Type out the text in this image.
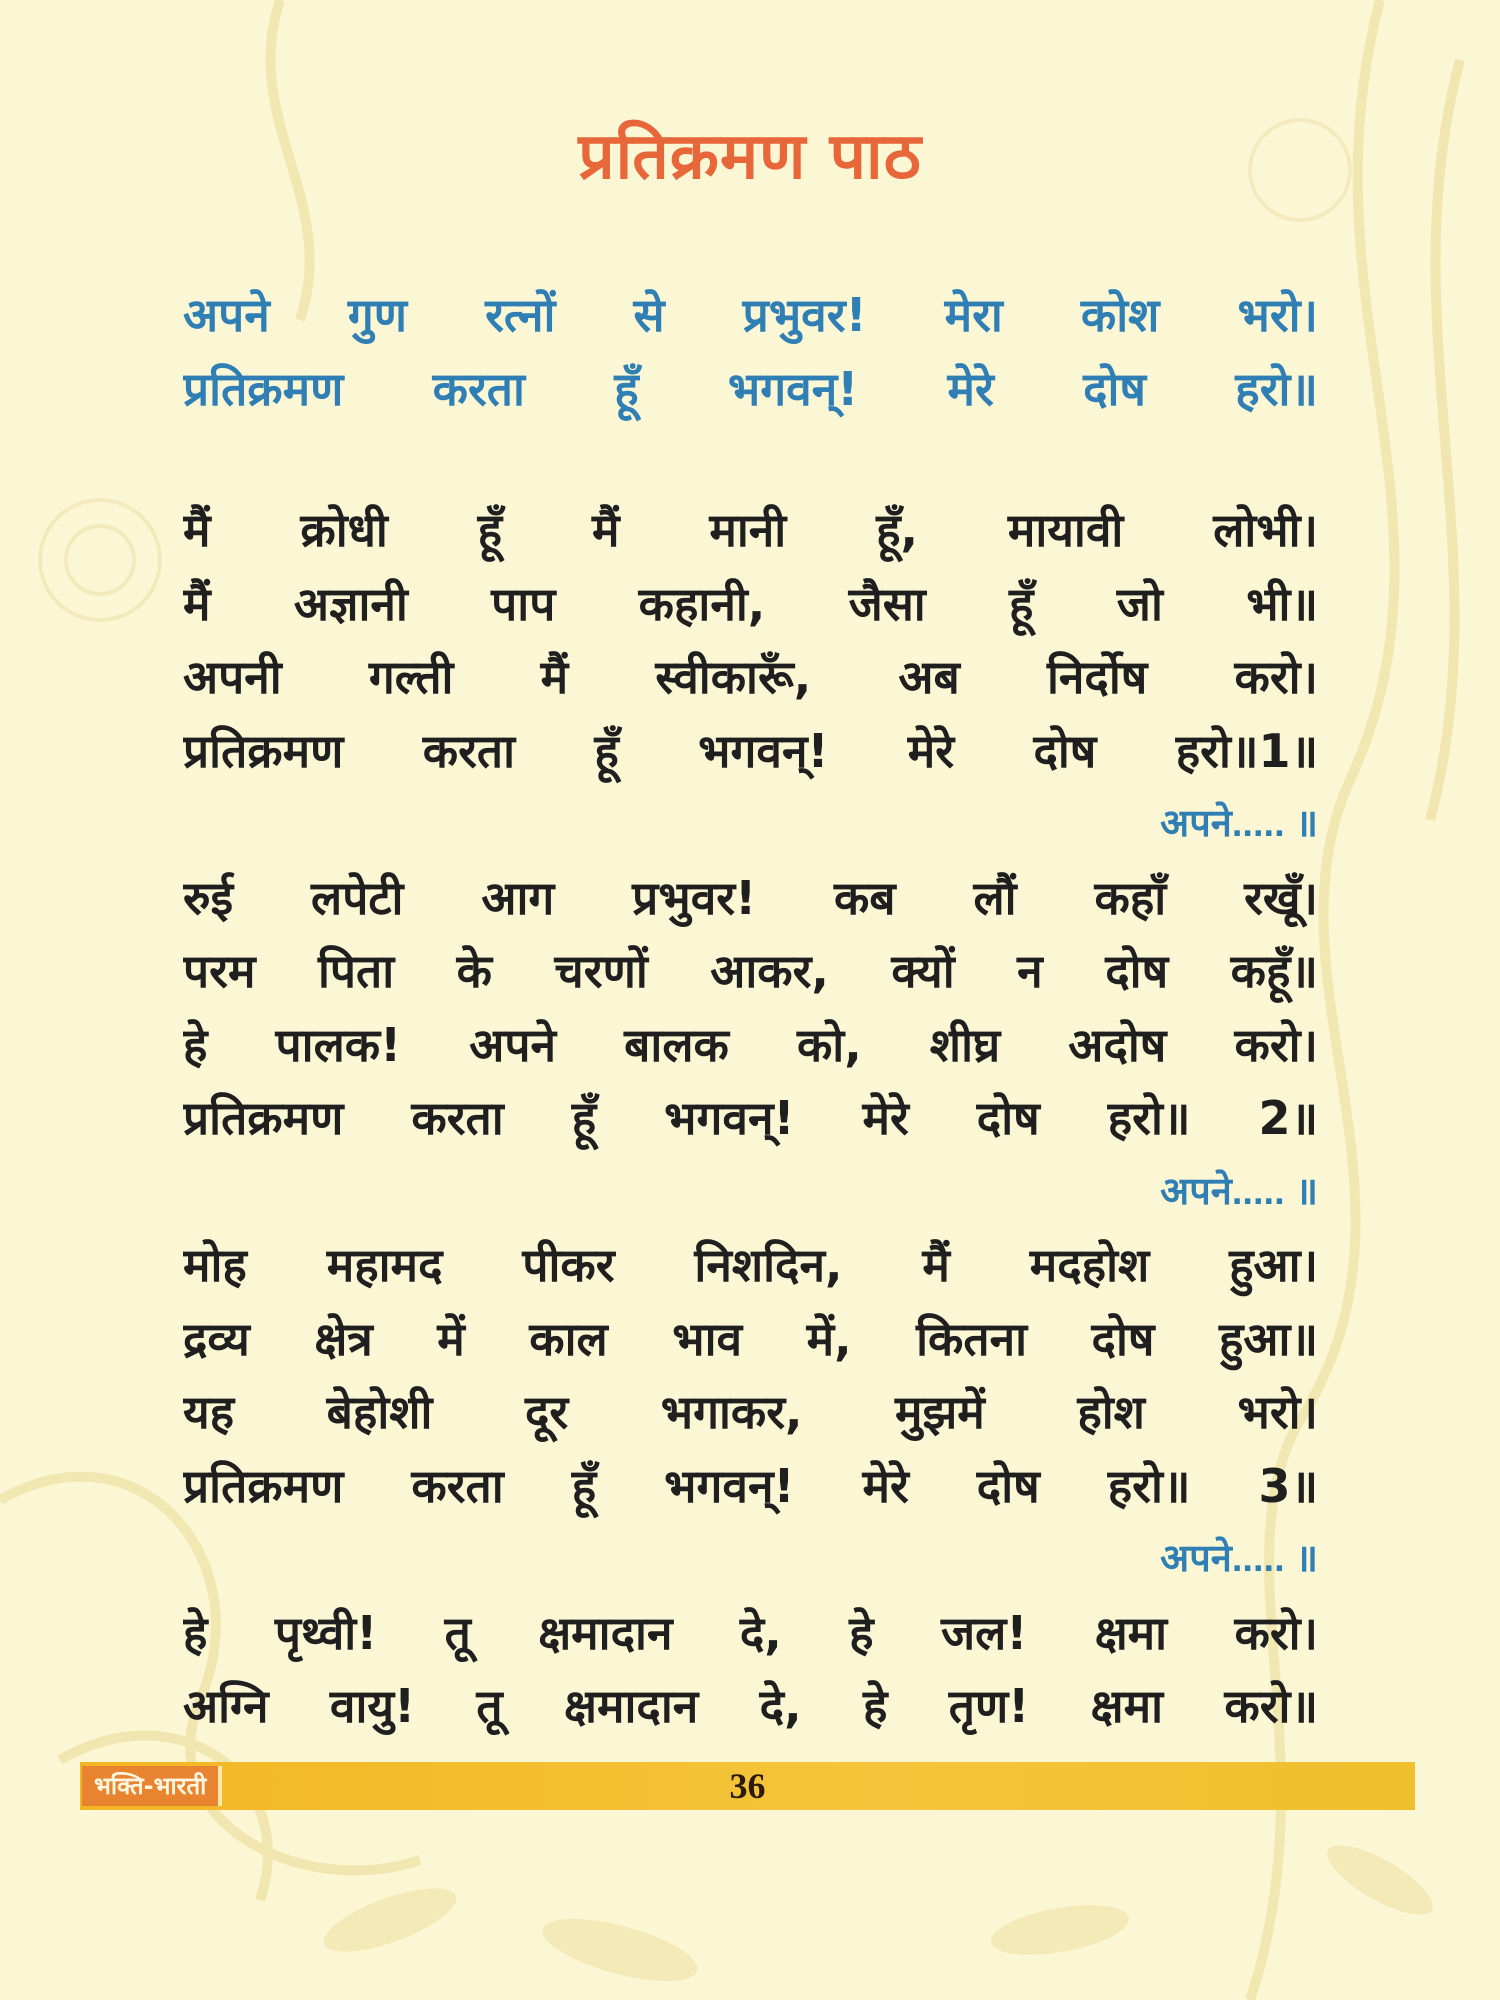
प्रतिक्रमण पाठ
अपने गुण रत्नों से प्रभुवर! मेरा कोश भरो।
प्रतिक्रमण करता हूँ भगवन्! मेरे दोष हरो॥
मैं क्रोधी हूँ मैं मानी हूँ, मायावी लोभी।
मैं अज्ञानी पाप कहानी, जैसा हूँ जो भी॥
अपनी गल्ती मैं स्वीकारूँ, अब निर्दोष करो।
प्रतिक्रमण करता हूँ भगवन्! मेरे दोष हरो॥1॥
अपने..... ॥
रुई लपेटी आग प्रभुवर! कब लौं कहाँ रखूँ।
परम पिता के चरणों आकर, क्यों न दोष कहूँ॥
हे पालक! अपने बालक को, शीघ्र अदोष करो।
प्रतिक्रमण करता हूँ भगवन्! मेरे दोष हरो॥ 2॥
अपने..... ॥
मोह महामद पीकर निशदिन, मैं मदहोश हुआ।
द्रव्य क्षेत्र में काल भाव में, कितना दोष हुआ॥
यह बेहोशी दूर भगाकर, मुझमें होश भरो।
प्रतिक्रमण करता हूँ भगवन्! मेरे दोष हरो॥ 3॥
अपने..... ॥
हे पृथ्वी! तू क्षमादान दे, हे जल! क्षमा करो।
अग्नि वायु! तू क्षमादान दे, हे तृण! क्षमा करो॥
भक्ति-भारती	36
